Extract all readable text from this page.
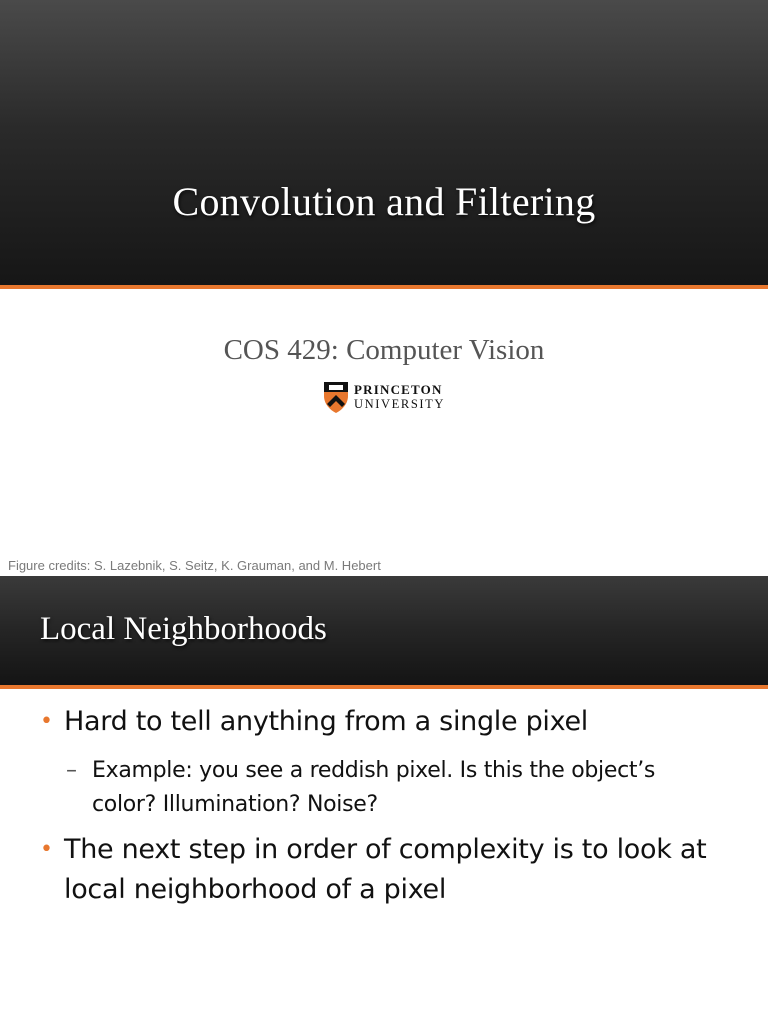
Convolution and Filtering
COS 429: Computer Vision
PRINCETON
UNIVERSITY
Figure credits: S. Lazebnik, S. Seitz, K. Grauman, and M. Hebert
Local Neighborhoods
• Hard to tell anything from a single pixel
– Example: you see a reddish pixel. Is this the object’s color? Illumination? Noise?
• The next step in order of complexity is to look at local neighborhood of a pixel
